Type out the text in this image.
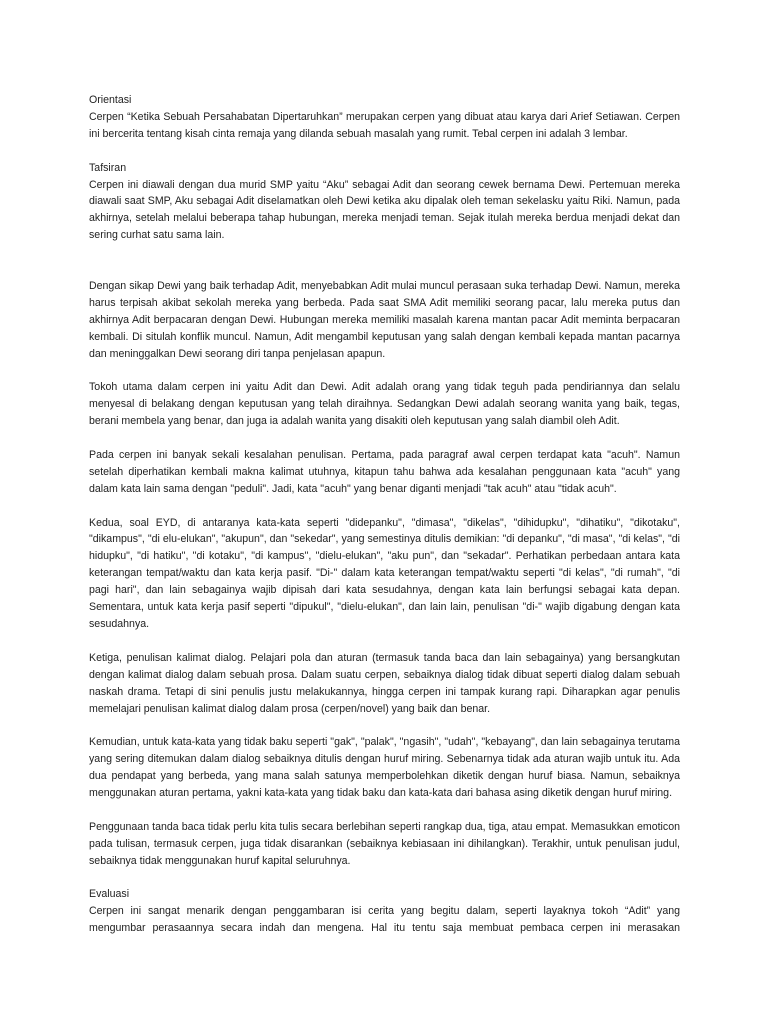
Orientasi

Cerpen “Ketika Sebuah Persahabatan Dipertaruhkan” merupakan cerpen yang dibuat atau karya dari Arief Setiawan. Cerpen ini bercerita tentang kisah cinta remaja yang dilanda sebuah masalah yang rumit. Tebal cerpen ini adalah 3 lembar.

Tafsiran

Cerpen ini diawali dengan dua murid SMP yaitu “Aku” sebagai Adit dan seorang cewek bernama Dewi. Pertemuan mereka diawali saat SMP, Aku sebagai Adit diselamatkan oleh Dewi ketika aku dipalak oleh teman sekelasku yaitu Riki. Namun, pada akhirnya, setelah melalui beberapa tahap hubungan, mereka menjadi teman. Sejak itulah mereka berdua menjadi dekat dan sering curhat satu sama lain.

Dengan sikap Dewi yang baik terhadap Adit, menyebabkan Adit mulai muncul perasaan suka terhadap Dewi. Namun, mereka harus terpisah akibat sekolah mereka yang berbeda. Pada saat SMA Adit memiliki seorang pacar, lalu mereka putus dan akhirnya Adit berpacaran dengan Dewi. Hubungan mereka memiliki masalah karena mantan pacar Adit meminta berpacaran kembali. Di situlah konflik muncul. Namun, Adit mengambil keputusan yang salah dengan kembali kepada mantan pacarnya dan meninggalkan Dewi seorang diri tanpa penjelasan apapun.

Tokoh utama dalam cerpen ini yaitu Adit dan Dewi. Adit adalah orang yang tidak teguh pada pendiriannya dan selalu menyesal di belakang dengan keputusan yang telah diraihnya. Sedangkan Dewi adalah seorang wanita yang baik, tegas, berani membela yang benar, dan juga ia adalah wanita yang disakiti oleh keputusan yang salah diambil oleh Adit.

Pada cerpen ini banyak sekali kesalahan penulisan. Pertama, pada paragraf awal cerpen terdapat kata "acuh". Namun setelah diperhatikan kembali makna kalimat utuhnya, kitapun tahu bahwa ada kesalahan penggunaan kata "acuh" yang dalam kata lain sama dengan "peduli". Jadi, kata "acuh" yang benar diganti menjadi "tak acuh" atau "tidak acuh".

Kedua, soal EYD, di antaranya kata-kata seperti "didepanku", "dimasa", "dikelas", "dihidupku", "dihatiku", "dikotaku", "dikampus", "di elu-elukan", "akupun", dan "sekedar", yang semestinya ditulis demikian: "di depanku", "di masa", "di kelas", "di hidupku", "di hatiku", "di kotaku", "di kampus", "dielu-elukan", "aku pun", dan "sekadar". Perhatikan perbedaan antara kata keterangan tempat/waktu dan kata kerja pasif. "Di-" dalam kata keterangan tempat/waktu seperti "di kelas", "di rumah", "di pagi hari", dan lain sebagainya wajib dipisah dari kata sesudahnya, dengan kata lain berfungsi sebagai kata depan. Sementara, untuk kata kerja pasif seperti "dipukul", "dielu-elukan", dan lain lain, penulisan "di-" wajib digabung dengan kata sesudahnya.

Ketiga, penulisan kalimat dialog. Pelajari pola dan aturan (termasuk tanda baca dan lain sebagainya) yang bersangkutan dengan kalimat dialog dalam sebuah prosa. Dalam suatu cerpen, sebaiknya dialog tidak dibuat seperti dialog dalam sebuah naskah drama. Tetapi di sini penulis justu melakukannya, hingga cerpen ini tampak kurang rapi. Diharapkan agar penulis memelajari penulisan kalimat dialog dalam prosa (cerpen/novel) yang baik dan benar.

Kemudian, untuk kata-kata yang tidak baku seperti "gak", "palak", "ngasih", "udah", "kebayang", dan lain sebagainya terutama yang sering ditemukan dalam dialog sebaiknya ditulis dengan huruf miring. Sebenarnya tidak ada aturan wajib untuk itu. Ada dua pendapat yang berbeda, yang mana salah satunya memperbolehkan diketik dengan huruf biasa. Namun, sebaiknya menggunakan aturan pertama, yakni kata-kata yang tidak baku dan kata-kata dari bahasa asing diketik dengan huruf miring.

Penggunaan tanda baca tidak perlu kita tulis secara berlebihan seperti rangkap dua, tiga, atau empat. Memasukkan emoticon pada tulisan, termasuk cerpen, juga tidak disarankan (sebaiknya kebiasaan ini dihilangkan). Terakhir, untuk penulisan judul, sebaiknya tidak menggunakan huruf kapital seluruhnya.

Evaluasi

Cerpen ini sangat menarik dengan penggambaran isi cerita yang begitu dalam, seperti layaknya tokoh “Adit” yang mengumbar perasaannya secara indah dan mengena. Hal itu tentu saja membuat pembaca cerpen ini merasakan
